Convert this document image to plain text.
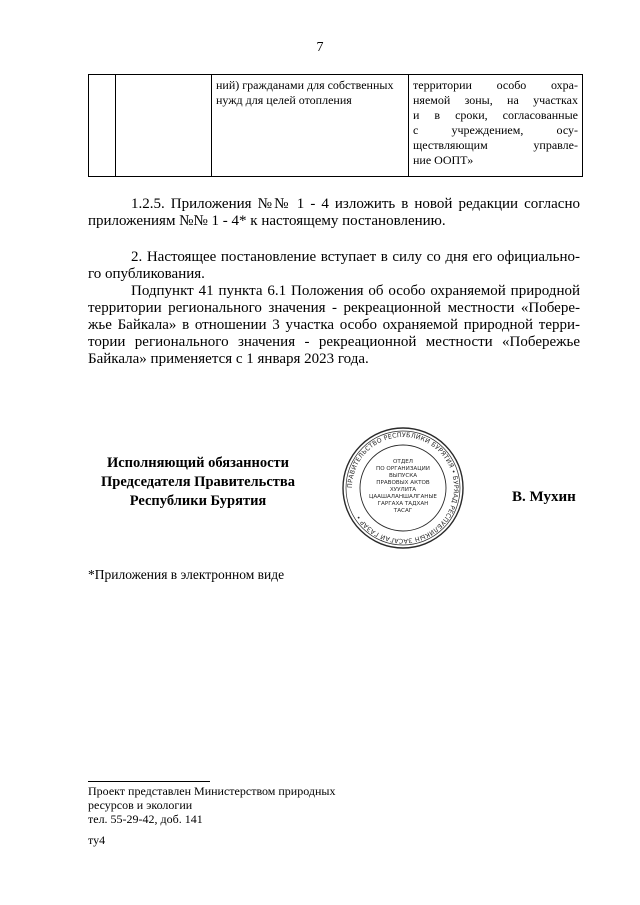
7

ний) гражданами для собственных
нужд для целей отопления

территории особо охра-
няемой зоны, на участках
и в сроки, согласованные
с учреждением, осу-
ществляющим управле-
ние ООПТ»
1.2.5. Приложения №№ 1 - 4 изложить в новой редакции согласно
приложениям №№ 1 - 4* к настоящему постановлению.
2. Настоящее постановление вступает в силу со дня его официально-
го опубликования.
Подпункт 41 пункта 6.1 Положения об особо охраняемой природной
территории регионального значения - рекреационной местности «Побере-
жье Байкала» в отношении 3 участка особо охраняемой природной терри-
тории регионального значения - рекреационной местности «Побережье
Байкала» применяется с 1 января 2023 года.
Исполняющий обязанности
Председателя Правительства
Республики Бурятия
ПРАВИТЕЛЬСТВО РЕСПУБЛИКИ БУРЯТИЯ • БУРЯАД РЕСПУБЛИКЫН ЗАСАГАЙ ГАЗАР •
ОТДЕЛ
ПО ОРГАНИЗАЦИИ
ВЫПУСКА
ПРАВОВЫХ АКТОВ
ХУУЛИТА
ЦААШАЛАНШАЛГАНЫЕ
ГАРГАХА ТАДХАН
ТАСАГ
В. Мухин
*Приложения в электронном виде
Проект представлен Министерством природных
ресурсов и экологии
тел. 55-29-42, доб. 141
ту4
